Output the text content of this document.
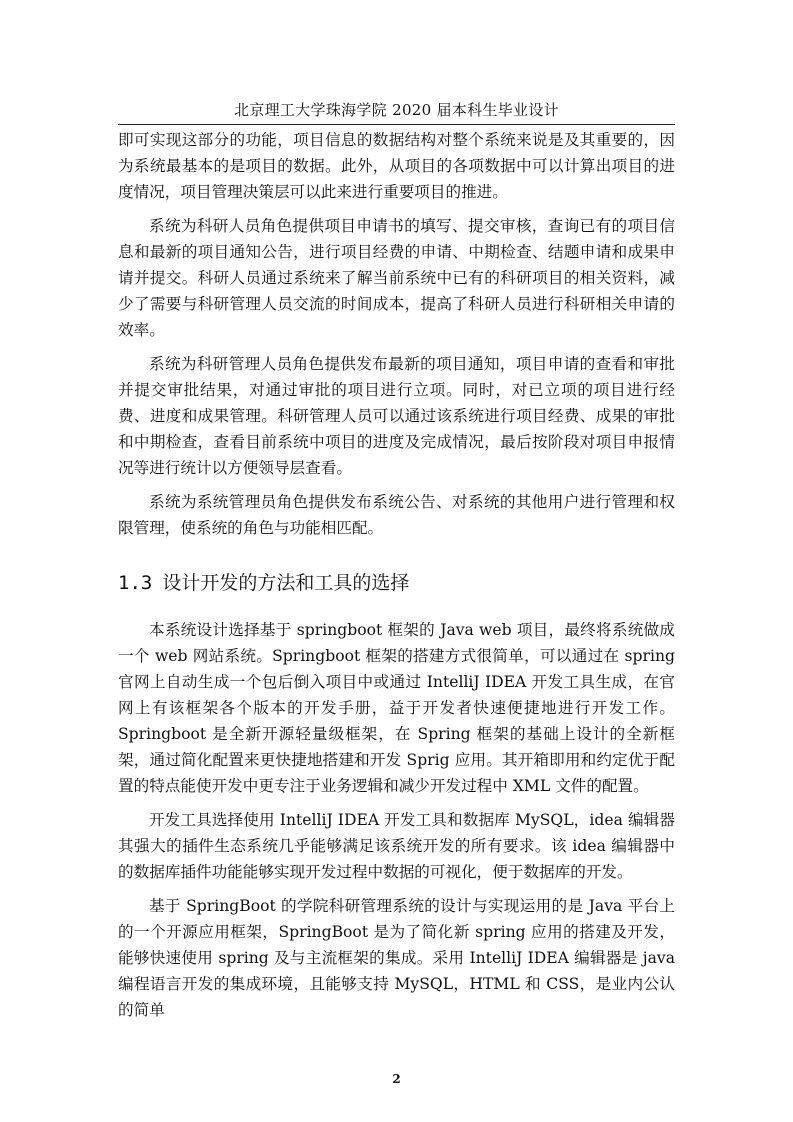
北京理工大学珠海学院 2020 届本科生毕业设计

即可实现这部分的功能，项目信息的数据结构对整个系统来说是及其重要的，因为系统最基本的是项目的数据。此外，从项目的各项数据中可以计算出项目的进度情况，项目管理决策层可以此来进行重要项目的推进。

系统为科研人员角色提供项目申请书的填写、提交审核，查询已有的项目信息和最新的项目通知公告，进行项目经费的申请、中期检查、结题申请和成果申请并提交。科研人员通过系统来了解当前系统中已有的科研项目的相关资料，减少了需要与科研管理人员交流的时间成本，提高了科研人员进行科研相关申请的效率。

系统为科研管理人员角色提供发布最新的项目通知，项目申请的查看和审批并提交审批结果，对通过审批的项目进行立项。同时，对已立项的项目进行经费、进度和成果管理。科研管理人员可以通过该系统进行项目经费、成果的审批和中期检查，查看目前系统中项目的进度及完成情况，最后按阶段对项目申报情况等进行统计以方便领导层查看。

系统为系统管理员角色提供发布系统公告、对系统的其他用户进行管理和权限管理，使系统的角色与功能相匹配。

1.3 设计开发的方法和工具的选择

本系统设计选择基于 springboot 框架的 Java web 项目，最终将系统做成一个 web 网站系统。Springboot 框架的搭建方式很简单，可以通过在 spring 官网上自动生成一个包后倒入项目中或通过 IntelliJ IDEA 开发工具生成，在官网上有该框架各个版本的开发手册，益于开发者快速便捷地进行开发工作。Springboot 是全新开源轻量级框架，在 Spring 框架的基础上设计的全新框架，通过简化配置来更快捷地搭建和开发 Sprig 应用。其开箱即用和约定优于配置的特点能使开发中更专注于业务逻辑和减少开发过程中 XML 文件的配置。

开发工具选择使用 IntelliJ IDEA 开发工具和数据库 MySQL，idea 编辑器其强大的插件生态系统几乎能够满足该系统开发的所有要求。该 idea 编辑器中的数据库插件功能能够实现开发过程中数据的可视化，便于数据库的开发。

基于 SpringBoot 的学院科研管理系统的设计与实现运用的是 Java 平台上的一个开源应用框架，SpringBoot 是为了简化新 spring 应用的搭建及开发，能够快速使用 spring 及与主流框架的集成。采用 IntelliJ IDEA 编辑器是 java 编程语言开发的集成环境，且能够支持 MySQL，HTML 和 CSS，是业内公认的简单

2
